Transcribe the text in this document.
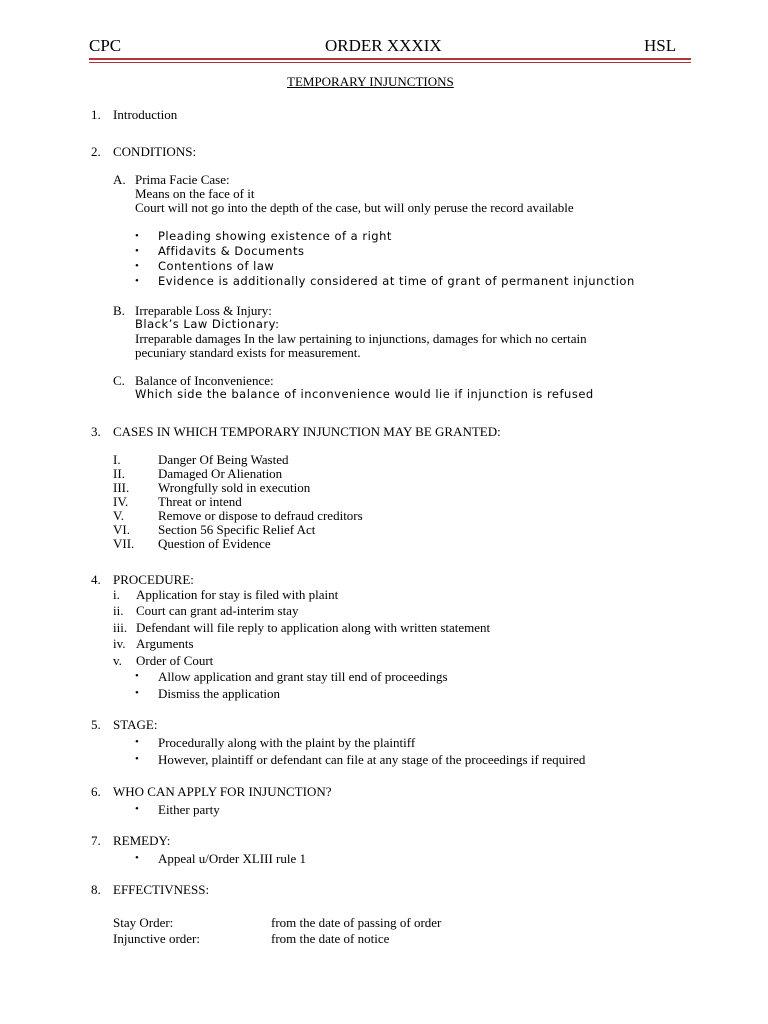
CPC	ORDER XXXIX	HSL
TEMPORARY INJUNCTIONS
1. Introduction
2. CONDITIONS:
A. Prima Facie Case:
Means on the face of it
Court will not go into the depth of the case, but will only peruse the record available
• Pleading showing existence of a right
• Affidavits & Documents
• Contentions of law
• Evidence is additionally considered at time of grant of permanent injunction
B. Irreparable Loss & Injury:
Black’s Law Dictionary:
Irreparable damages In the law pertaining to injunctions, damages for which no certain
pecuniary standard exists for measurement.
C. Balance of Inconvenience:
Which side the balance of inconvenience would lie if injunction is refused
3. CASES IN WHICH TEMPORARY INJUNCTION MAY BE GRANTED:
I.	Danger Of Being Wasted
II.	Damaged Or Alienation
III. Wrongfully sold in execution
IV. Threat or intend
V.	Remove or dispose to defraud creditors
VI. Section 56 Specific Relief Act
VII. Question of Evidence
4. PROCEDURE:
i. Application for stay is filed with plaint
ii. Court can grant ad-interim stay
iii. Defendant will file reply to application along with written statement
iv. Arguments
v. Order of Court
• Allow application and grant stay till end of proceedings
• Dismiss the application
5. STAGE:
• Procedurally along with the plaint by the plaintiff
• However, plaintiff or defendant can file at any stage of the proceedings if required
6. WHO CAN APPLY FOR INJUNCTION?
• Either party
7. REMEDY:
• Appeal u/Order XLIII rule 1
8. EFFECTIVNESS:
Stay Order:	from the date of passing of order
Injunctive order:	from the date of notice
